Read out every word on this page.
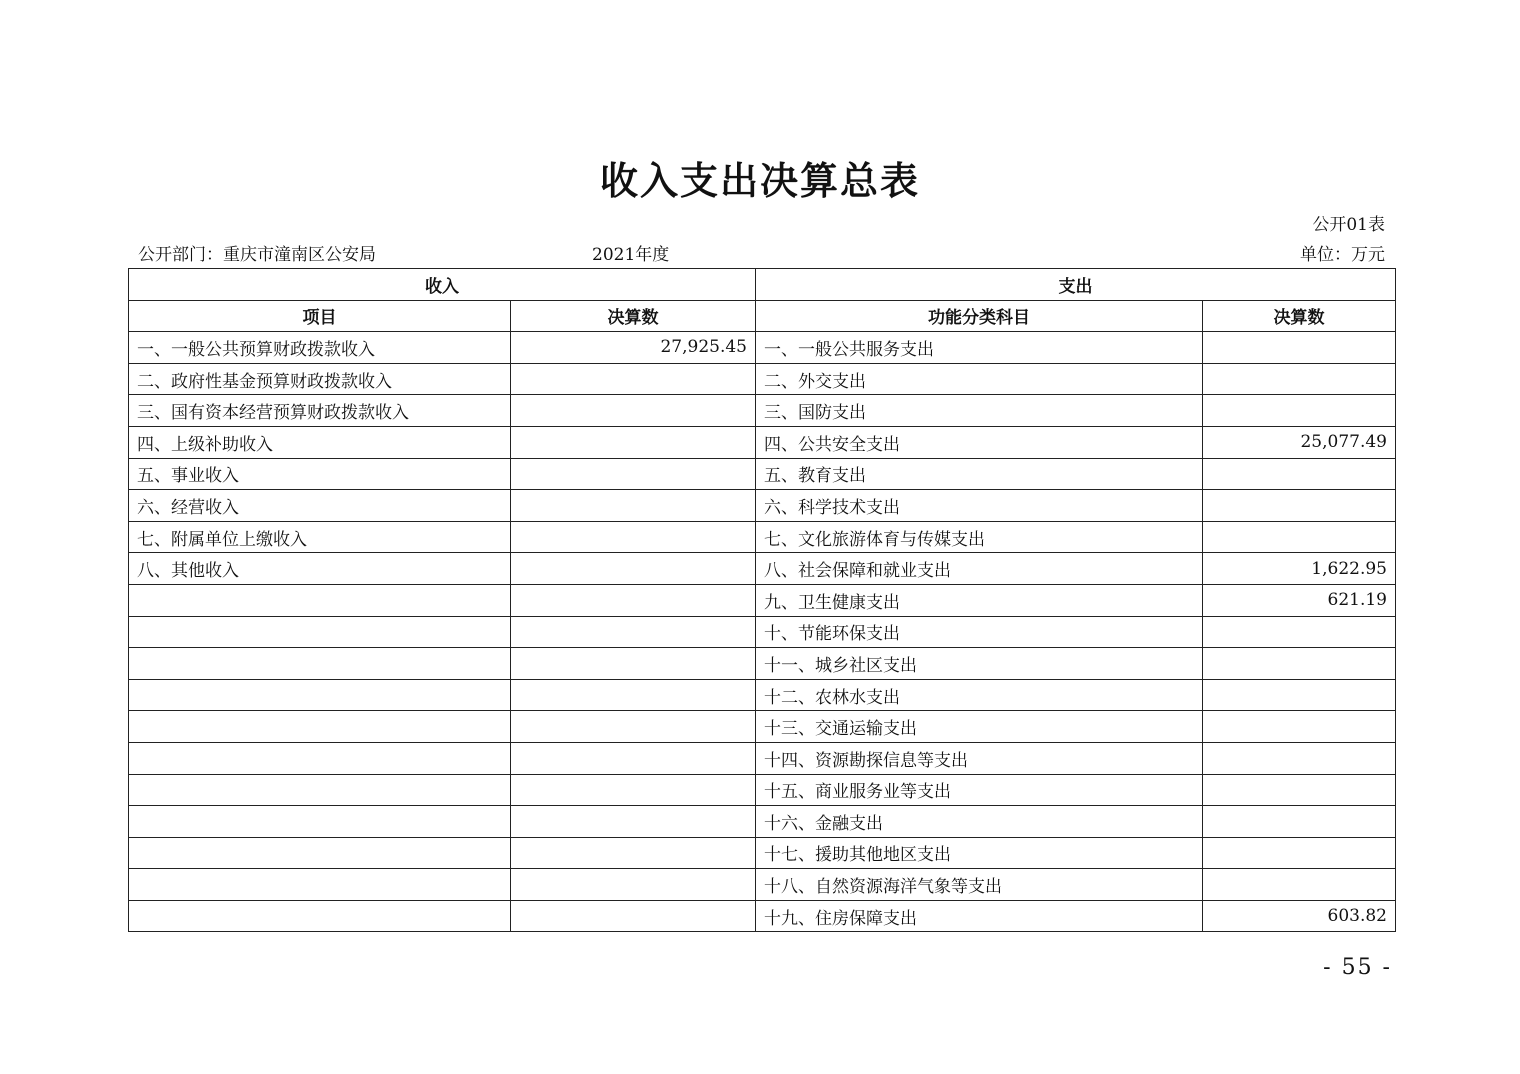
收入支出决算总表
公开01表
公开部门：重庆市潼南区公安局	2021年度	单位：万元
收入		支出	
项目	决算数	功能分类科目	决算数
一、一般公共预算财政拨款收入	27,925.45	一、一般公共服务支出	
二、政府性基金预算财政拨款收入		二、外交支出	
三、国有资本经营预算财政拨款收入		三、国防支出	
四、上级补助收入		四、公共安全支出	25,077.49
五、事业收入		五、教育支出	
六、经营收入		六、科学技术支出	
七、附属单位上缴收入		七、文化旅游体育与传媒支出	
八、其他收入		八、社会保障和就业支出	1,622.95
		九、卫生健康支出	621.19
		十、节能环保支出	
		十一、城乡社区支出	
		十二、农林水支出	
		十三、交通运输支出	
		十四、资源勘探信息等支出	
		十五、商业服务业等支出	
		十六、金融支出	
		十七、援助其他地区支出	
		十八、自然资源海洋气象等支出	
		十九、住房保障支出	603.82
- 55 -
